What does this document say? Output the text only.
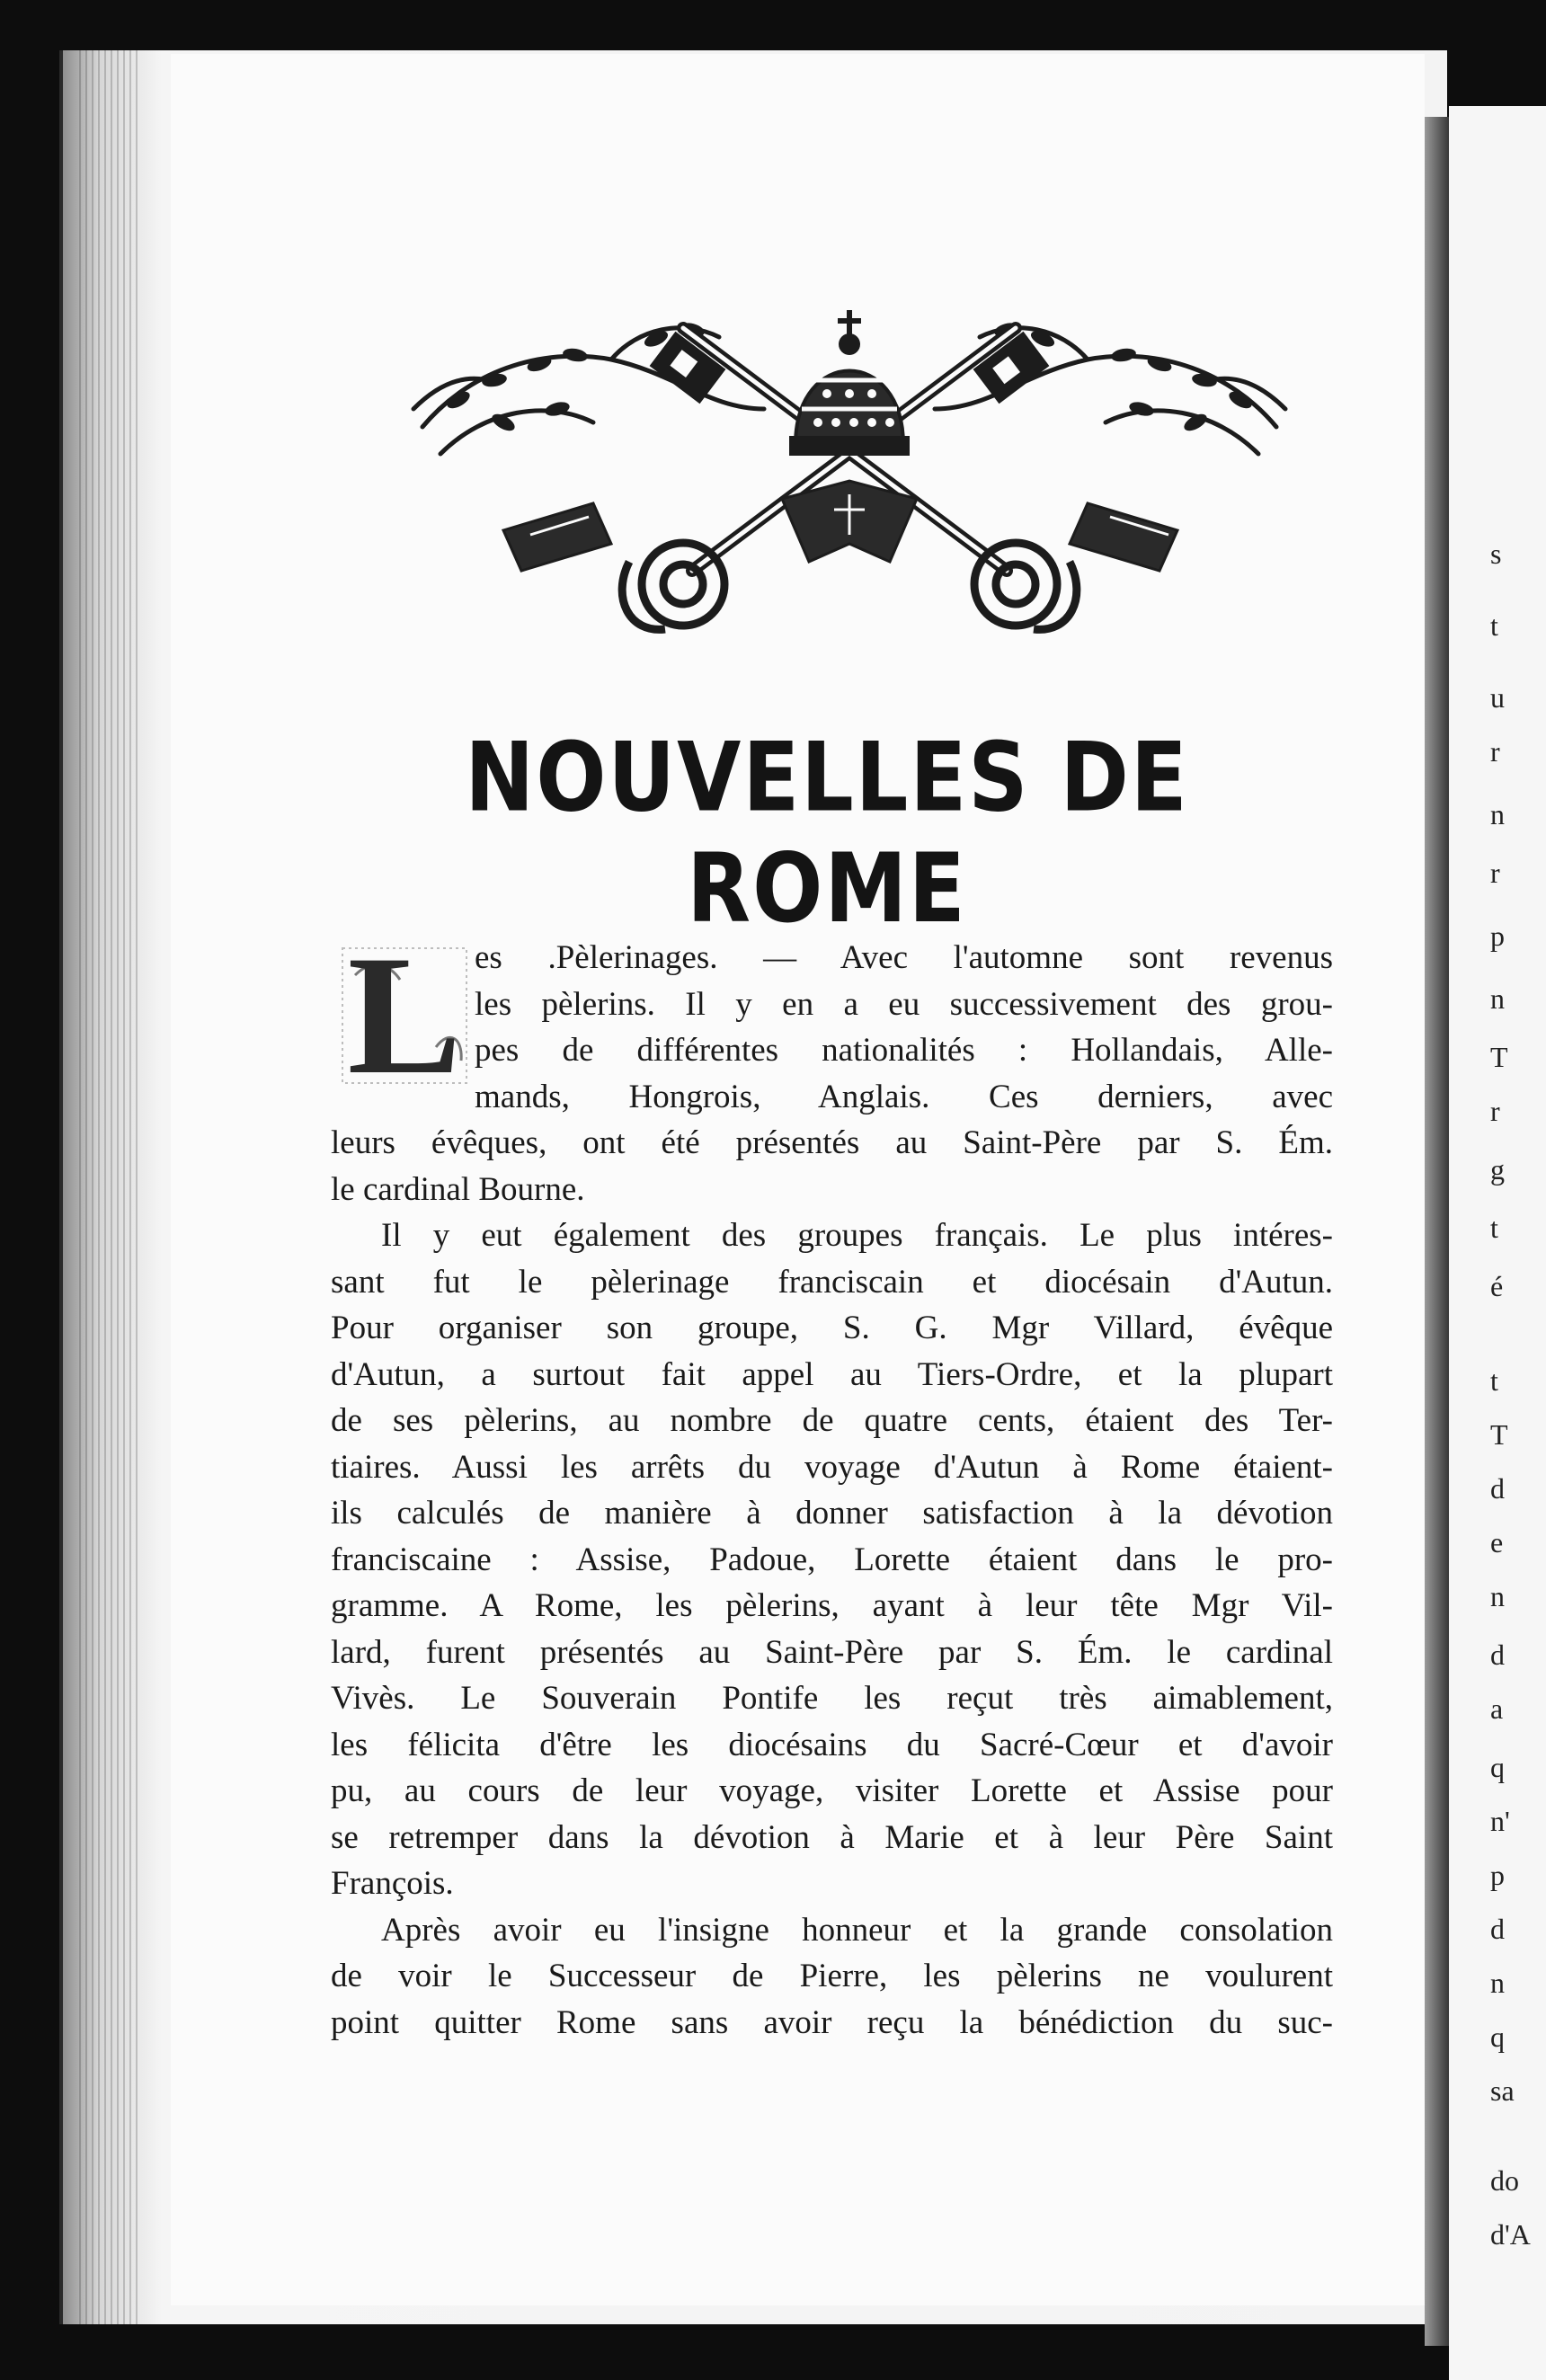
s
t
u
r
n
r
p
n
T
r
g
t
é
t
T
d
e
n
d
a
q
n'
p
d
n
q
sa
do
d'A
NOUVELLES DE ROME
L es .Pèlerinages. — Avec l'automne sont revenus
les pèlerins. Il y en a eu successivement des grou-
pes de différentes nationalités : Hollandais, Alle-
mands, Hongrois, Anglais. Ces derniers, avec
leurs évêques, ont été présentés au Saint-Père par S. Ém.
le cardinal Bourne.
Il y eut également des groupes français. Le plus intéres-
sant fut le pèlerinage franciscain et diocésain d'Autun.
Pour organiser son groupe, S. G. Mgr Villard, évêque
d'Autun, a surtout fait appel au Tiers-Ordre, et la plupart
de ses pèlerins, au nombre de quatre cents, étaient des Ter-
tiaires. Aussi les arrêts du voyage d'Autun à Rome étaient-
ils calculés de manière à donner satisfaction à la dévotion
franciscaine : Assise, Padoue, Lorette étaient dans le pro-
gramme. A Rome, les pèlerins, ayant à leur tête Mgr Vil-
lard, furent présentés au Saint-Père par S. Ém. le cardinal
Vivès. Le Souverain Pontife les reçut très aimablement,
les félicita d'être les diocésains du Sacré-Cœur et d'avoir
pu, au cours de leur voyage, visiter Lorette et Assise pour
se retremper dans la dévotion à Marie et à leur Père Saint
François.
Après avoir eu l'insigne honneur et la grande consolation
de voir le Successeur de Pierre, les pèlerins ne voulurent
point quitter Rome sans avoir reçu la bénédiction du suc-
